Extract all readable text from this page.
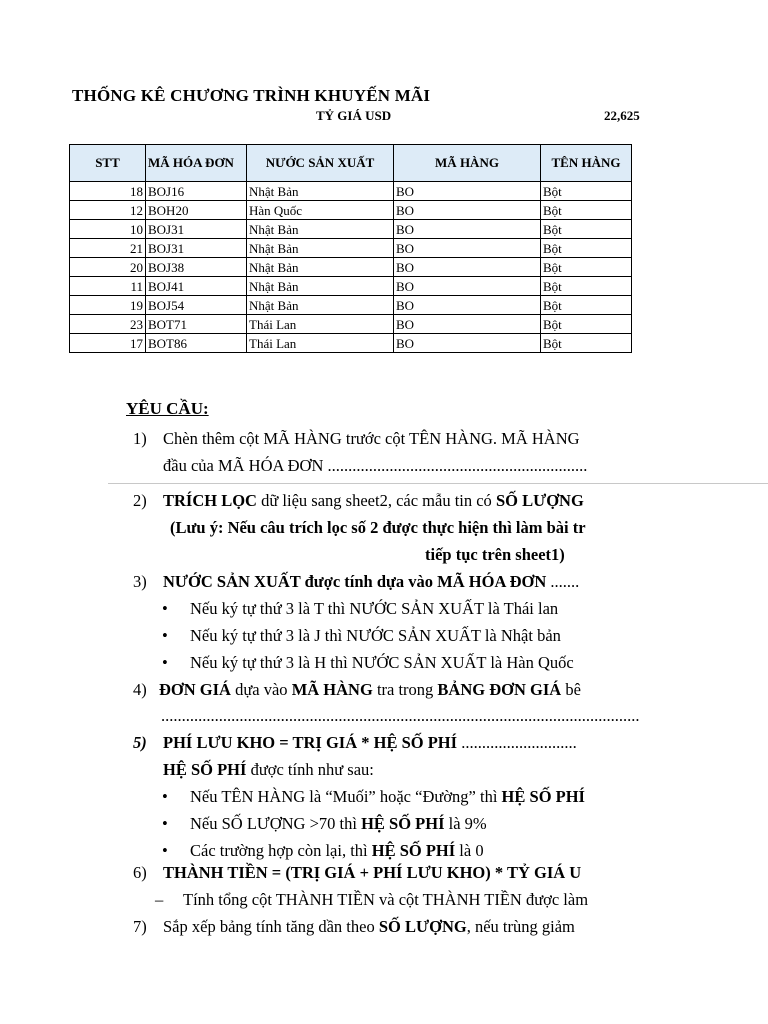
THỐNG KÊ CHƯƠNG TRÌNH KHUYẾN MÃI
TỶ GIÁ USD	22,625
STT	MÃ HÓA ĐƠN	NƯỚC SẢN XUẤT	MÃ HÀNG	TÊN HÀNG
18	BOJ16	Nhật Bản	BO	Bột
12	BOH20	Hàn Quốc	BO	Bột
10	BOJ31	Nhật Bản	BO	Bột
21	BOJ31	Nhật Bản	BO	Bột
20	BOJ38	Nhật Bản	BO	Bột
11	BOJ41	Nhật Bản	BO	Bột
19	BOJ54	Nhật Bản	BO	Bột
23	BOT71	Thái Lan	BO	Bột
17	BOT86	Thái Lan	BO	Bột
YÊU CẦU:
1) Chèn thêm cột MÃ HÀNG trước cột TÊN HÀNG. MÃ HÀNG
đầu của MÃ HÓA ĐƠN ...............................................................
2) TRÍCH LỌC dữ liệu sang sheet2, các mẫu tin có SỐ LƯỢNG
(Lưu ý: Nếu câu trích lọc số 2 được thực hiện thì làm bài tr
tiếp tục trên sheet1)
3) NƯỚC SẢN XUẤT được tính dựa vào MÃ HÓA ĐƠN .......
• Nếu ký tự thứ 3 là T thì NƯỚC SẢN XUẤT là Thái lan
• Nếu ký tự thứ 3 là J thì NƯỚC SẢN XUẤT là Nhật bản
• Nếu ký tự thứ 3 là H thì NƯỚC SẢN XUẤT là Hàn Quốc
4) ĐƠN GIÁ dựa vào MÃ HÀNG tra trong BẢNG ĐƠN GIÁ bê
....................................................................................................................
5) PHÍ LƯU KHO = TRỊ GIÁ * HỆ SỐ PHÍ ............................
HỆ SỐ PHÍ được tính như sau:
• Nếu TÊN HÀNG là “Muối” hoặc “Đường” thì HỆ SỐ PHÍ
• Nếu SỐ LƯỢNG >70 thì HỆ SỐ PHÍ là 9%
• Các trường hợp còn lại, thì HỆ SỐ PHÍ là 0
6) THÀNH TIỀN = (TRỊ GIÁ + PHÍ LƯU KHO) * TỶ GIÁ U
– Tính tổng cột THÀNH TIỀN và cột THÀNH TIỀN được làm
7) Sắp xếp bảng tính tăng dần theo SỐ LƯỢNG, nếu trùng giảm
